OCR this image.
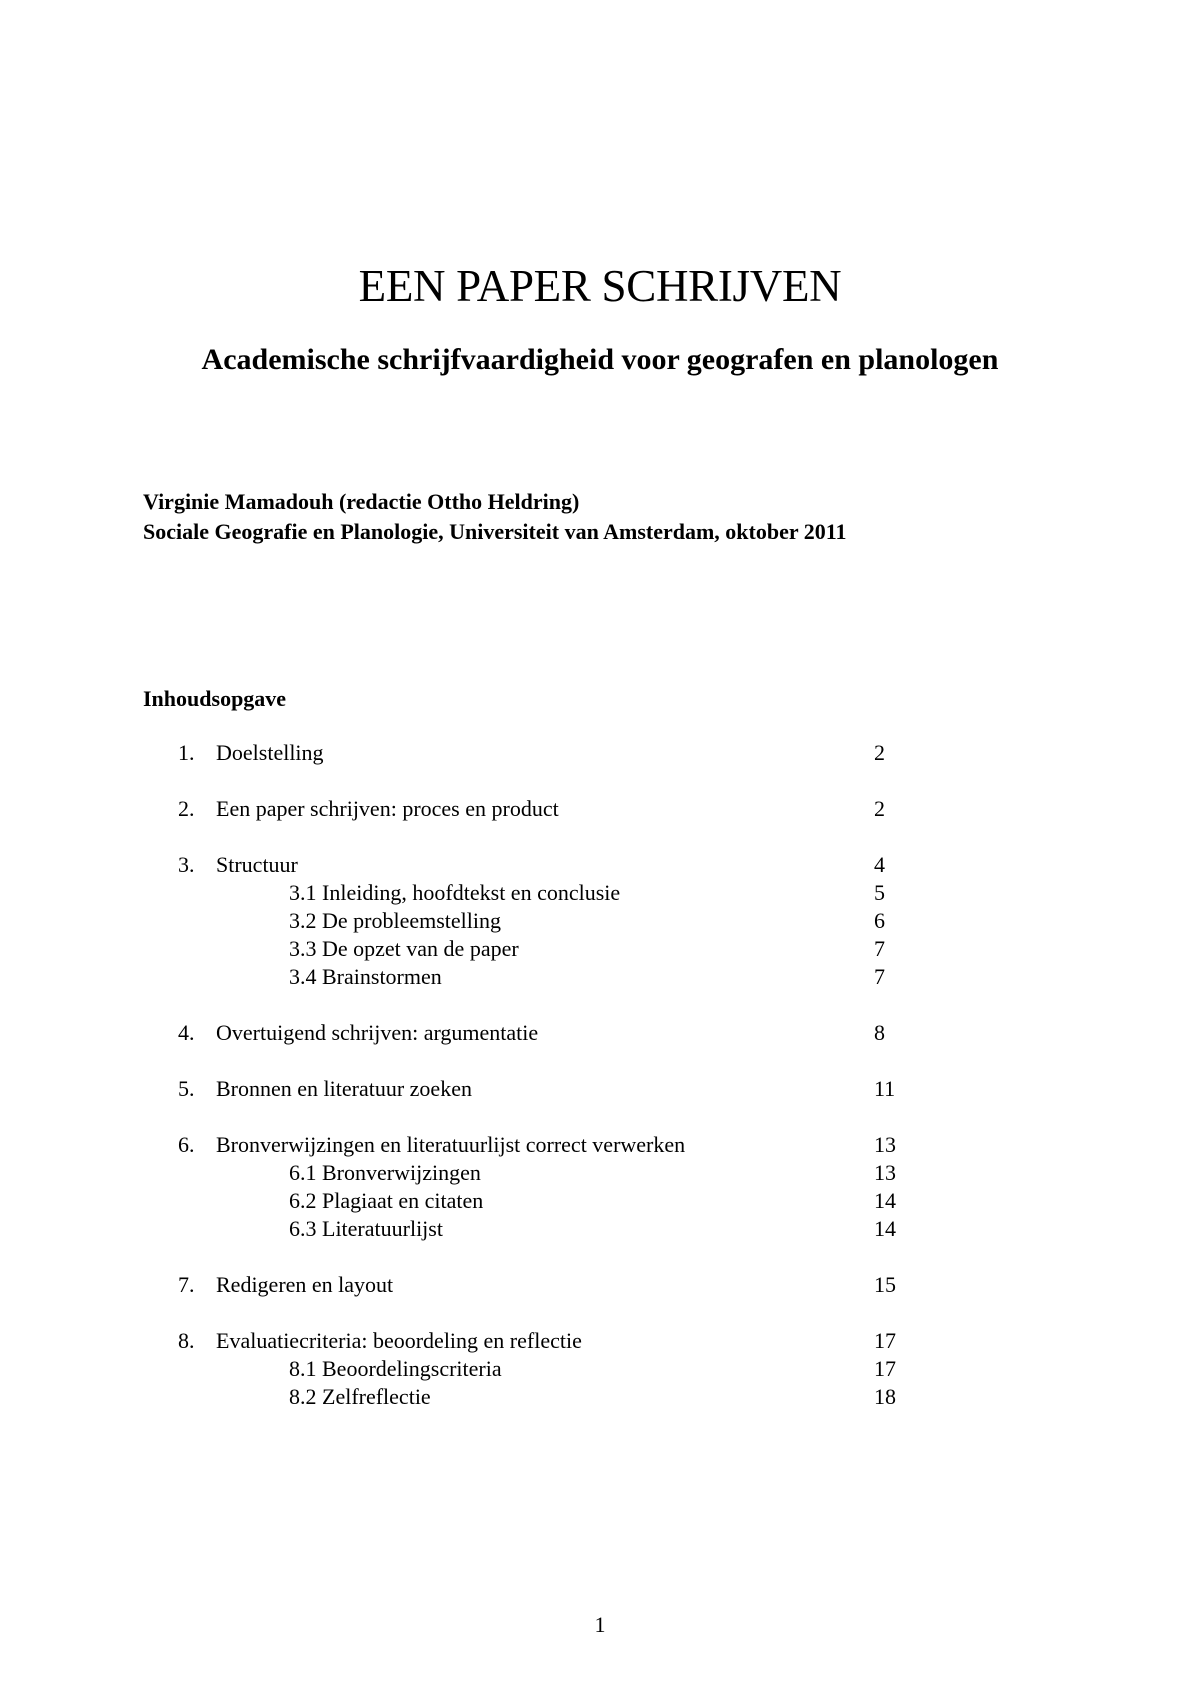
EEN PAPER SCHRIJVEN
Academische schrijfvaardigheid voor geografen en planologen
Virginie Mamadouh (redactie Ottho Heldring)
Sociale Geografie en Planologie, Universiteit van Amsterdam, oktober 2011
Inhoudsopgave
1. Doelstelling	2
2. Een paper schrijven: proces en product	2
3. Structuur	4
3.1 Inleiding, hoofdtekst en conclusie	5
3.2 De probleemstelling	6
3.3 De opzet van de paper	7
3.4 Brainstormen	7
4. Overtuigend schrijven: argumentatie	8
5. Bronnen en literatuur zoeken	11
6. Bronverwijzingen en literatuurlijst correct verwerken	13
6.1 Bronverwijzingen	13
6.2 Plagiaat en citaten	14
6.3 Literatuurlijst	14
7. Redigeren en layout	15
8. Evaluatiecriteria: beoordeling en reflectie	17
8.1 Beoordelingscriteria	17
8.2 Zelfreflectie	18
1
